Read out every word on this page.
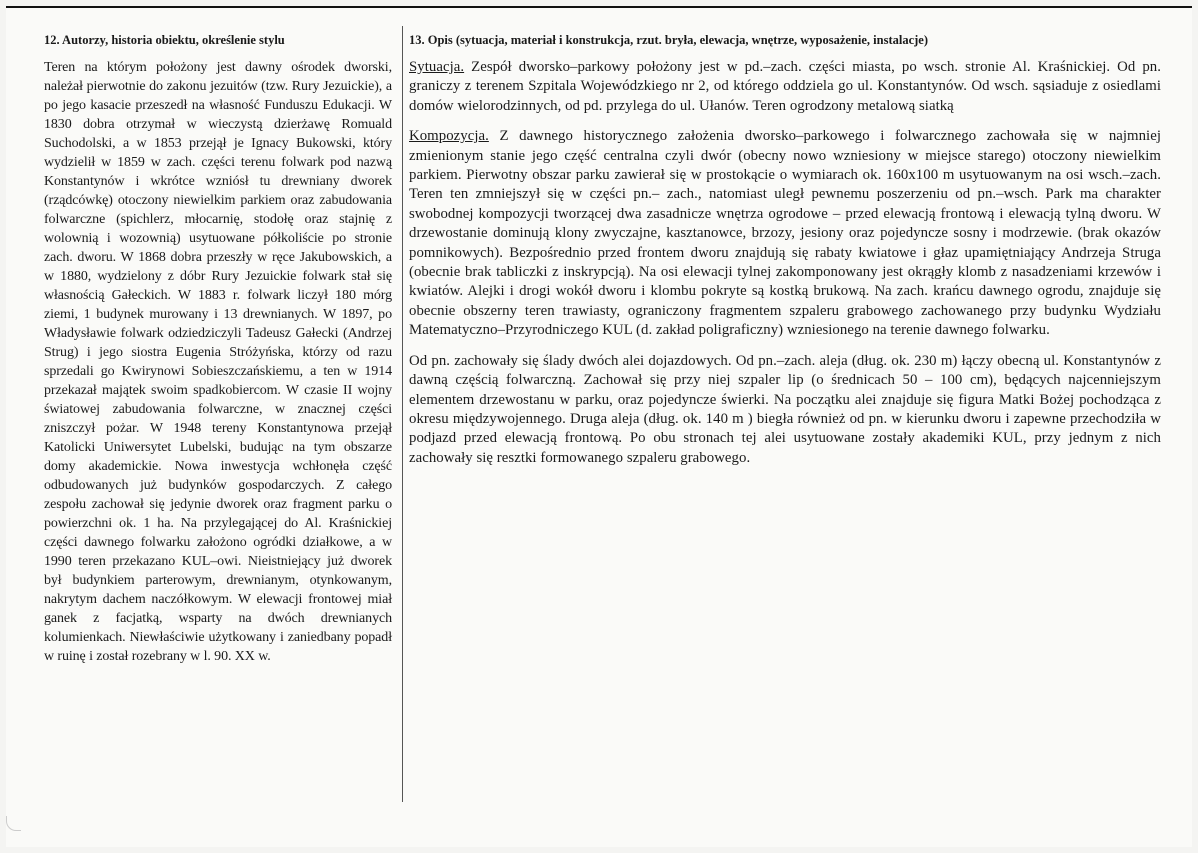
12. Autorzy, historia obiektu, określenie stylu

Teren na którym położony jest dawny ośrodek dworski, należał pierwotnie do zakonu jezuitów (tzw. Rury Jezuickie), a po jego kasacie przeszedł na własność Funduszu Edukacji. W 1830 dobra otrzymał w wieczystą dzierżawę Romuald Suchodolski, a w 1853 przejął je Ignacy Bukowski, który wydzielił w 1859 w zach. części terenu folwark pod nazwą Konstantynów i wkrótce wzniósł tu drewniany dworek (rządcówkę) otoczony niewielkim parkiem oraz zabudowania folwarczne (spichlerz, młocarnię, stodołę oraz stajnię z wolownią i wozownią) usytuowane półkoliście po stronie zach. dworu. W 1868 dobra przeszły w ręce Jakubowskich, a w 1880, wydzielony z dóbr Rury Jezuickie folwark stał się własnością Gałeckich. W 1883 r. folwark liczył 180 mórg ziemi, 1 budynek murowany i 13 drewnianych. W 1897, po Władysławie folwark odziedziczyli Tadeusz Gałecki (Andrzej Strug) i jego siostra Eugenia Stróżyńska, którzy od razu sprzedali go Kwirynowi Sobieszczańskiemu, a ten w 1914 przekazał majątek swoim spadkobiercom. W czasie II wojny światowej zabudowania folwarczne, w znacznej części zniszczył pożar. W 1948 tereny Konstantynowa przejął Katolicki Uniwersytet Lubelski, budując na tym obszarze domy akademickie. Nowa inwestycja wchłonęła część odbudowanych już budynków gospodarczych. Z całego zespołu zachował się jedynie dworek oraz fragment parku o powierzchni ok. 1 ha. Na przylegającej do Al. Kraśnickiej części dawnego folwarku założono ogródki działkowe, a w 1990 teren przekazano KUL–owi. Nieistniejący już dworek był budynkiem parterowym, drewnianym, otynkowanym, nakrytym dachem naczółkowym. W elewacji frontowej miał ganek z facjatką, wsparty na dwóch drewnianych kolumienkach. Niewłaściwie użytkowany i zaniedbany popadł w ruinę i został rozebrany w l. 90. XX w.

13. Opis (sytuacja, materiał i konstrukcja, rzut. bryła, elewacja, wnętrze, wyposażenie, instalacje)

Sytuacja. Zespół dworsko–parkowy położony jest w pd.–zach. części miasta, po wsch. stronie Al. Kraśnickiej. Od pn. graniczy z terenem Szpitala Wojewódzkiego nr 2, od którego oddziela go ul. Konstantynów. Od wsch. sąsiaduje z osiedlami domów wielorodzinnych, od pd. przylega do ul. Ułanów. Teren ogrodzony metalową siatką

Kompozycja. Z dawnego historycznego założenia dworsko–parkowego i folwarcznego zachowała się w najmniej zmienionym stanie jego część centralna czyli dwór (obecny nowo wzniesiony w miejsce starego) otoczony niewielkim parkiem. Pierwotny obszar parku zawierał się w prostokącie o wymiarach ok. 160x100 m usytuowanym na osi wsch.–zach. Teren ten zmniejszył się w części pn.– zach., natomiast uległ pewnemu poszerzeniu od pn.–wsch. Park ma charakter swobodnej kompozycji tworzącej dwa zasadnicze wnętrza ogrodowe – przed elewacją frontową i elewacją tylną dworu. W drzewostanie dominują klony zwyczajne, kasztanowce, brzozy, jesiony oraz pojedyncze sosny i modrzewie. (brak okazów pomnikowych). Bezpośrednio przed frontem dworu znajdują się rabaty kwiatowe i głaz upamiętniający Andrzeja Struga (obecnie brak tabliczki z inskrypcją). Na osi elewacji tylnej zakomponowany jest okrągły klomb z nasadzeniami krzewów i kwiatów. Alejki i drogi wokół dworu i klombu pokryte są kostką brukową. Na zach. krańcu dawnego ogrodu, znajduje się obecnie obszerny teren trawiasty, ograniczony fragmentem szpaleru grabowego zachowanego przy budynku Wydziału Matematyczno–Przyrodniczego KUL (d. zakład poligraficzny) wzniesionego na terenie dawnego folwarku.

Od pn. zachowały się ślady dwóch alei dojazdowych. Od pn.–zach. aleja (dług. ok. 230 m) łączy obecną ul. Konstantynów z dawną częścią folwarczną. Zachował się przy niej szpaler lip (o średnicach 50 – 100 cm), będących najcenniejszym elementem drzewostanu w parku, oraz pojedyncze świerki. Na początku alei znajduje się figura Matki Bożej pochodząca z okresu międzywojennego. Druga aleja (dług. ok. 140 m ) biegła również od pn. w kierunku dworu i zapewne przechodziła w podjazd przed elewacją frontową. Po obu stronach tej alei usytuowane zostały akademiki KUL, przy jednym z nich zachowały się resztki formowanego szpaleru grabowego.
